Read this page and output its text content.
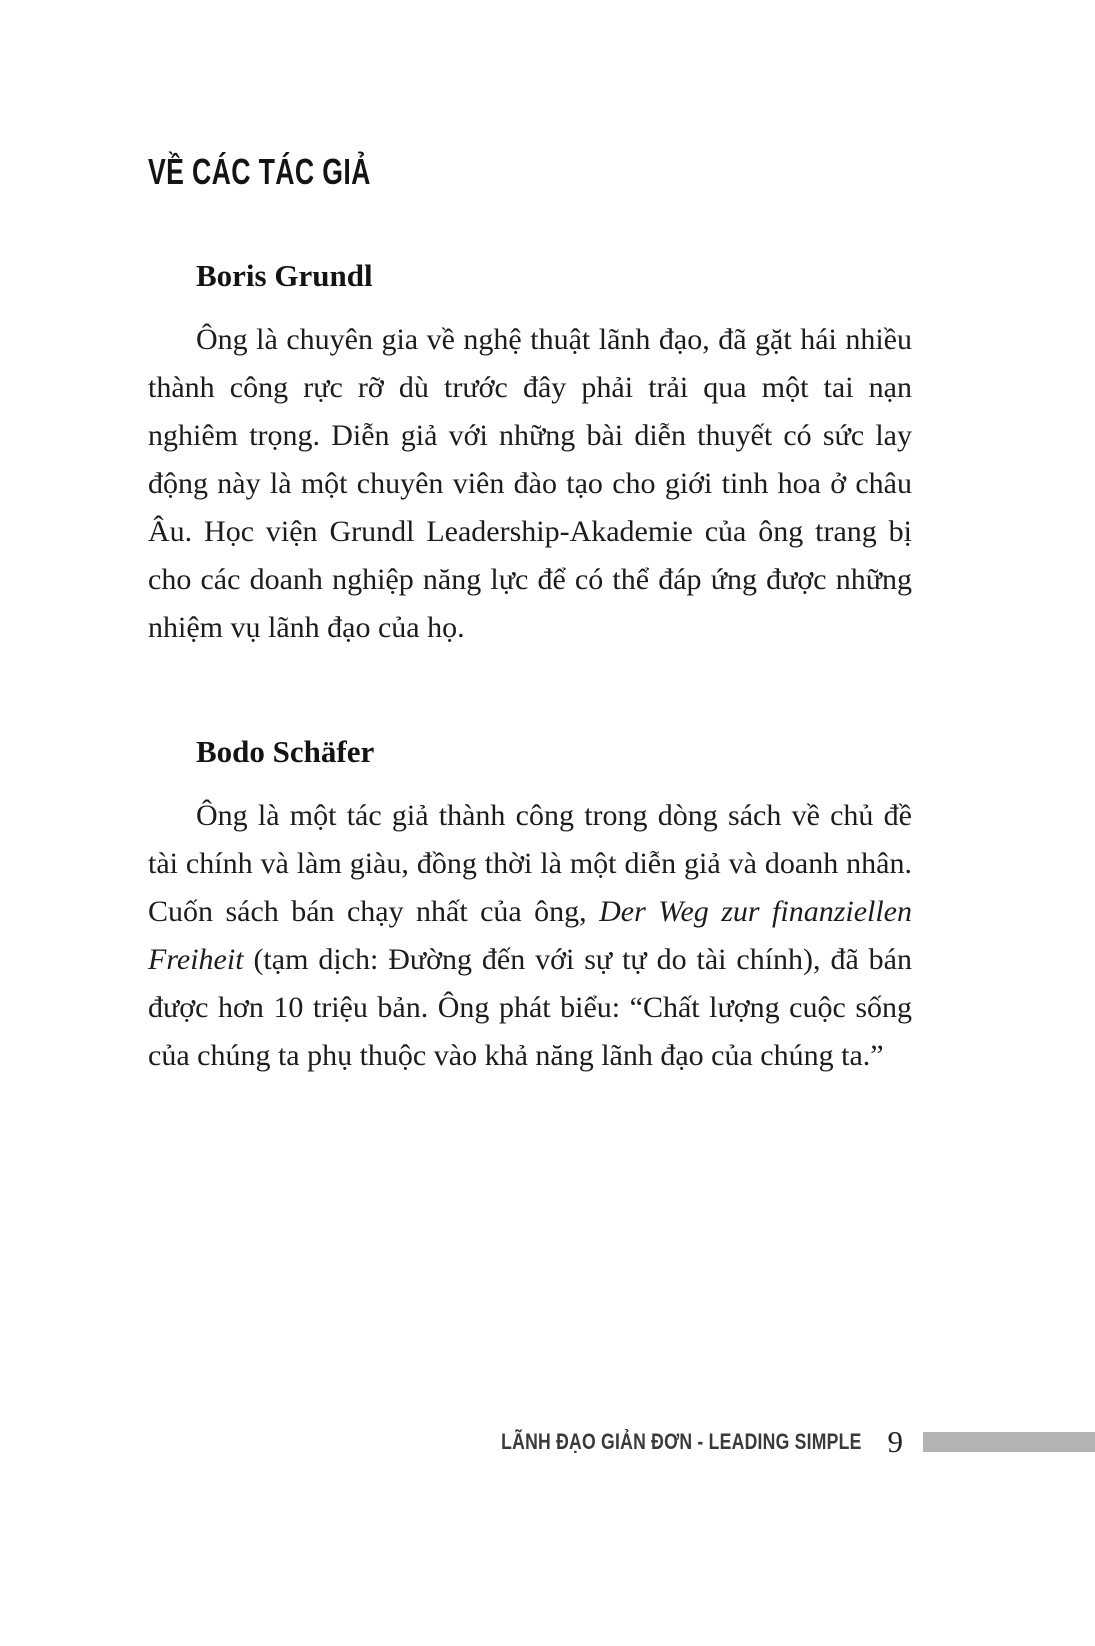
VỀ CÁC TÁC GIẢ
Boris Grundl

Ông là chuyên gia về nghệ thuật lãnh đạo, đã gặt hái nhiều thành công rực rỡ dù trước đây phải trải qua một tai nạn nghiêm trọng. Diễn giả với những bài diễn thuyết có sức lay động này là một chuyên viên đào tạo cho giới tinh hoa ở châu Âu. Học viện Grundl Leadership-Akademie của ông trang bị cho các doanh nghiệp năng lực để có thể đáp ứng được những nhiệm vụ lãnh đạo của họ.

Bodo Schäfer

Ông là một tác giả thành công trong dòng sách về chủ đề tài chính và làm giàu, đồng thời là một diễn giả và doanh nhân. Cuốn sách bán chạy nhất của ông, Der Weg zur finanziellen Freiheit (tạm dịch: Đường đến với sự tự do tài chính), đã bán được hơn 10 triệu bản. Ông phát biểu: “Chất lượng cuộc sống của chúng ta phụ thuộc vào khả năng lãnh đạo của chúng ta.”

LÃNH ĐẠO GIẢN ĐƠN - LEADING SIMPLE 9
